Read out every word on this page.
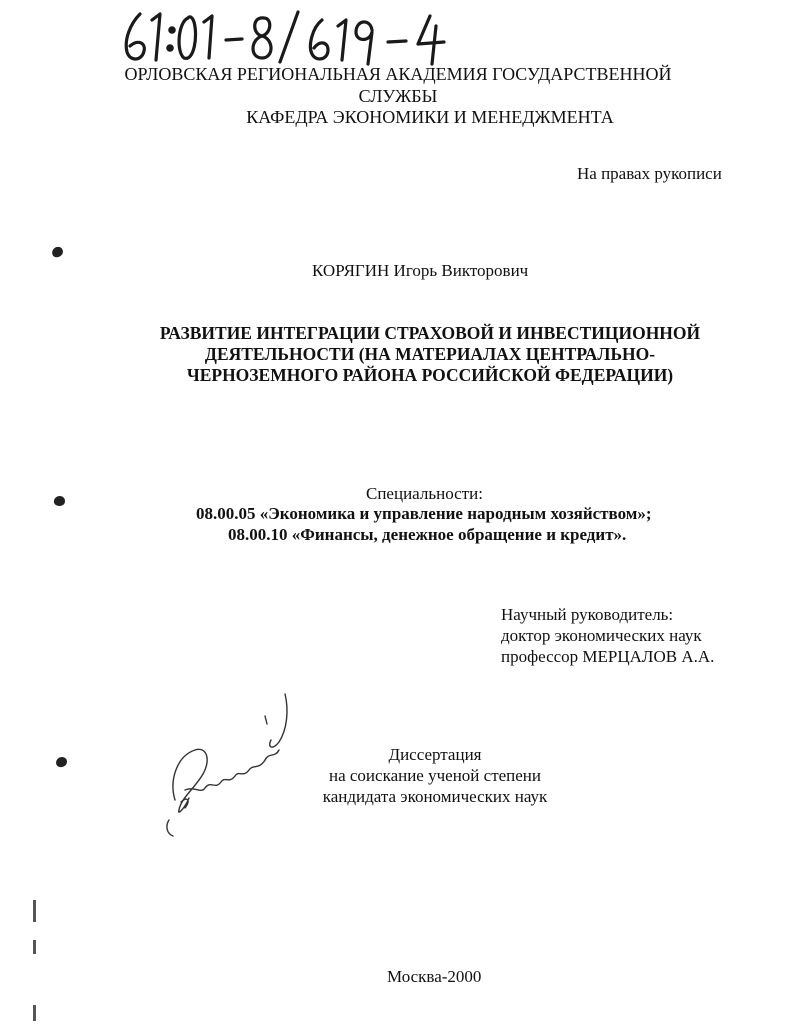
ОРЛОВСКАЯ РЕГИОНАЛЬНАЯ АКАДЕМИЯ ГОСУДАРСТВЕННОЙ
СЛУЖБЫ
КАФЕДРА ЭКОНОМИКИ И МЕНЕДЖМЕНТА
На правах рукописи
КОРЯГИН Игорь Викторович
РАЗВИТИЕ ИНТЕГРАЦИИ СТРАХОВОЙ И ИНВЕСТИЦИОННОЙ
ДЕЯТЕЛЬНОСТИ (НА МАТЕРИАЛАХ ЦЕНТРАЛЬНО-
ЧЕРНОЗЕМНОГО РАЙОНА РОССИЙСКОЙ ФЕДЕРАЦИИ)
Специальности:
08.00.05 «Экономика и управление народным хозяйством»;
08.00.10 «Финансы, денежное обращение и кредит».
Научный руководитель:
доктор экономических наук
профессор МЕРЦАЛОВ А.А.
Диссертация
на соискание ученой степени
кандидата экономических наук
Москва-2000
